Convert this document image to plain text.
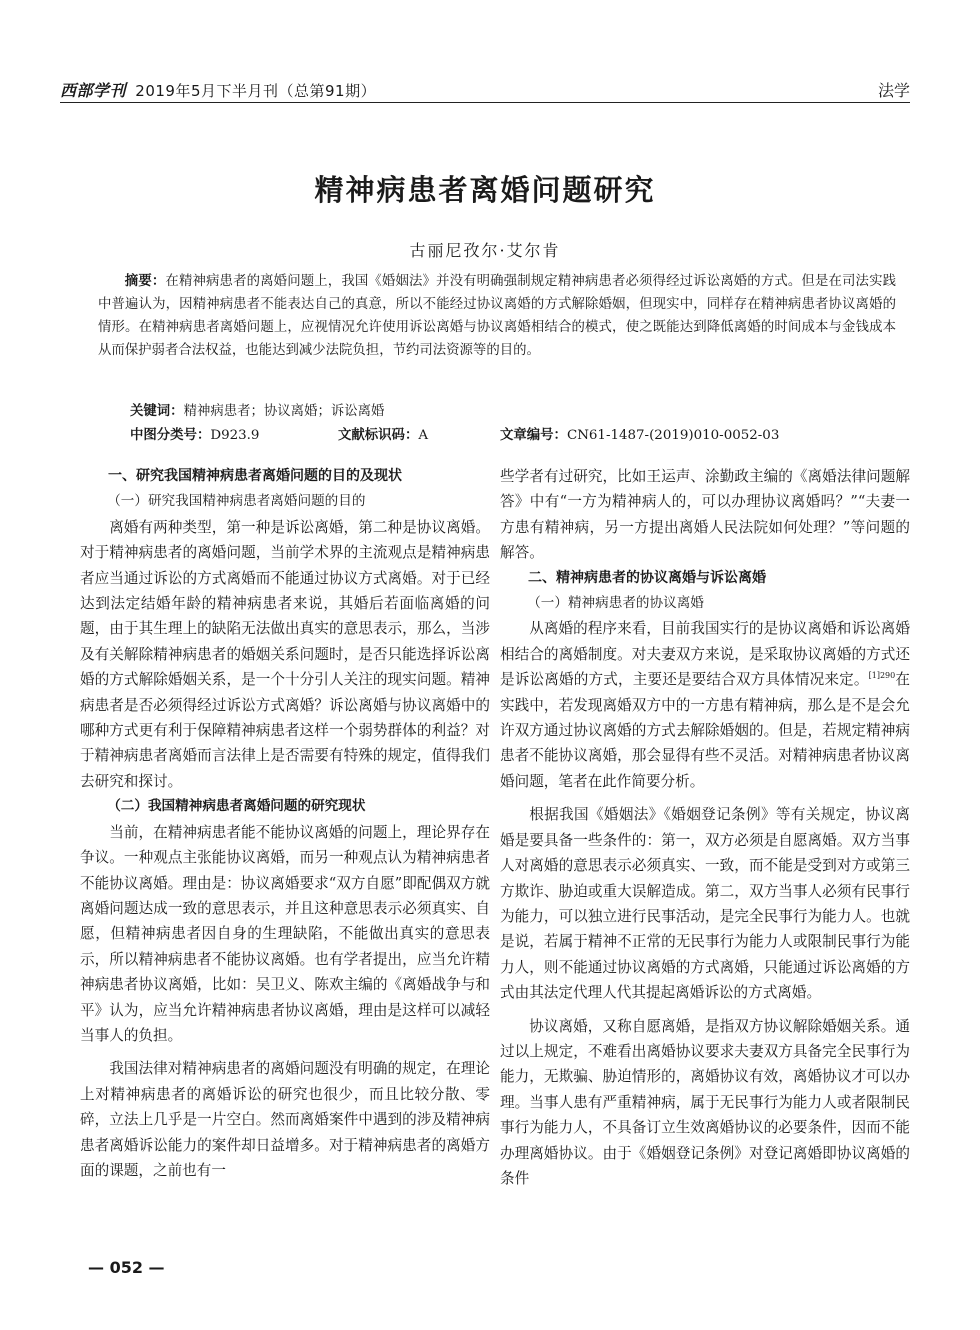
西部学刊 2019年5月下半月刊（总第91期）	法学
精神病患者离婚问题研究
古丽尼孜尔·艾尔肯
摘要：在精神病患者的离婚问题上，我国《婚姻法》并没有明确强制规定精神病患者必须得经过诉讼离婚的方式。但是在司法实践中普遍认为，因精神病患者不能表达自己的真意，所以不能经过协议离婚的方式解除婚姻，但现实中，同样存在精神病患者协议离婚的情形。在精神病患者离婚问题上，应视情况允许使用诉讼离婚与协议离婚相结合的模式，使之既能达到降低离婚的时间成本与金钱成本从而保护弱者合法权益，也能达到减少法院负担，节约司法资源等的目的。
关键词：精神病患者；协议离婚；诉讼离婚
中图分类号：D923.9	文献标识码：A	文章编号：CN61-1487-(2019)010-0052-03

一、研究我国精神病患者离婚问题的目的及现状

（一）研究我国精神病患者离婚问题的目的

离婚有两种类型，第一种是诉讼离婚，第二种是协议离婚。对于精神病患者的离婚问题，当前学术界的主流观点是精神病患者应当通过诉讼的方式离婚而不能通过协议方式离婚。对于已经达到法定结婚年龄的精神病患者来说，其婚后若面临离婚的问题，由于其生理上的缺陷无法做出真实的意思表示，那么，当涉及有关解除精神病患者的婚姻关系问题时，是否只能选择诉讼离婚的方式解除婚姻关系，是一个十分引人关注的现实问题。精神病患者是否必须得经过诉讼方式离婚？诉讼离婚与协议离婚中的哪种方式更有利于保障精神病患者这样一个弱势群体的利益？对于精神病患者离婚而言法律上是否需要有特殊的规定，值得我们去研究和探讨。

（二）我国精神病患者离婚问题的研究现状

当前，在精神病患者能不能协议离婚的问题上，理论界存在争议。一种观点主张能协议离婚，而另一种观点认为精神病患者不能协议离婚。理由是：协议离婚要求“双方自愿”即配偶双方就离婚问题达成一致的意思表示，并且这种意思表示必须真实、自愿，但精神病患者因自身的生理缺陷，不能做出真实的意思表示，所以精神病患者不能协议离婚。也有学者提出，应当允许精神病患者协议离婚，比如：吴卫义、陈欢主编的《离婚战争与和平》认为，应当允许精神病患者协议离婚，理由是这样可以减轻当事人的负担。

我国法律对精神病患者的离婚问题没有明确的规定，在理论上对精神病患者的离婚诉讼的研究也很少，而且比较分散、零碎，立法上几乎是一片空白。然而离婚案件中遇到的涉及精神病患者离婚诉讼能力的案件却日益增多。对于精神病患者的离婚方面的课题，之前也有一

些学者有过研究，比如王运声、涂勤政主编的《离婚法律问题解答》中有“一方为精神病人的，可以办理协议离婚吗？”“夫妻一方患有精神病，另一方提出离婚人民法院如何处理？”等问题的解答。

二、精神病患者的协议离婚与诉讼离婚

（一）精神病患者的协议离婚

从离婚的程序来看，目前我国实行的是协议离婚和诉讼离婚相结合的离婚制度。对夫妻双方来说，是采取协议离婚的方式还是诉讼离婚的方式，主要还是要结合双方具体情况来定。$^{[1]290}$在实践中，若发现离婚双方中的一方患有精神病，那么是不是会允许双方通过协议离婚的方式去解除婚姻的。但是，若规定精神病患者不能协议离婚，那会显得有些不灵活。对精神病患者协议离婚问题，笔者在此作简要分析。

根据我国《婚姻法》《婚姻登记条例》等有关规定，协议离婚是要具备一些条件的：第一，双方必须是自愿离婚。双方当事人对离婚的意思表示必须真实、一致，而不能是受到对方或第三方欺诈、胁迫或重大误解造成。第二，双方当事人必须有民事行为能力，可以独立进行民事活动，是完全民事行为能力人。也就是说，若属于精神不正常的无民事行为能力人或限制民事行为能力人，则不能通过协议离婚的方式离婚，只能通过诉讼离婚的方式由其法定代理人代其提起离婚诉讼的方式离婚。

协议离婚，又称自愿离婚，是指双方协议解除婚姻关系。通过以上规定，不难看出离婚协议要求夫妻双方具备完全民事行为能力，无欺骗、胁迫情形的，离婚协议有效，离婚协议才可以办理。当事人患有严重精神病，属于无民事行为能力人或者限制民事行为能力人，不具备订立生效离婚协议的必要条件，因而不能办理离婚协议。由于《婚姻登记条例》对登记离婚即协议离婚的条件

— 052 —
